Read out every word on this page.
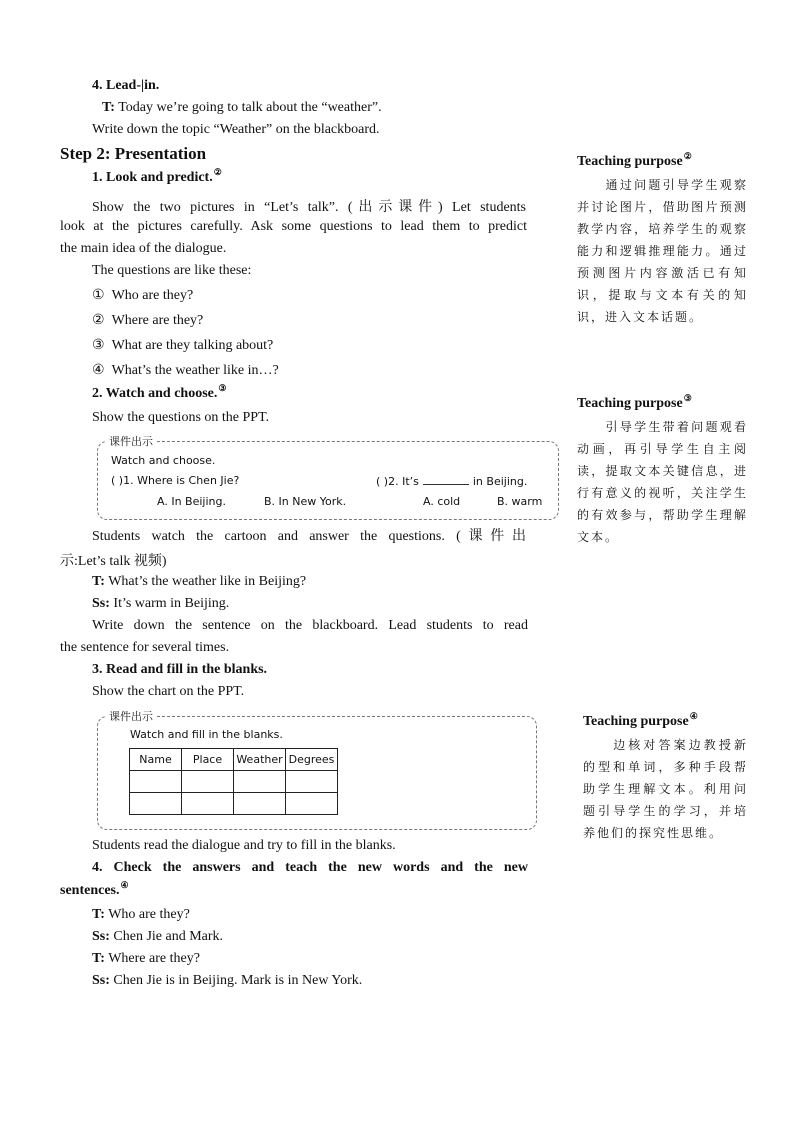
4. Lead-|in.
T: Today we’re going to talk about the “weather”.
Write down the topic “Weather” on the blackboard.
Step 2: Presentation
1. Look and predict.②
Show the two pictures in “Let’s talk”. (出示课件) Let students
look at the pictures carefully. Ask some questions to lead them to predict
the main idea of the dialogue.
The questions are like these:
① Who are they?
② Where are they?
③ What are they talking about?
④ What’s the weather like in…?
2. Watch and choose.③
Show the questions on the PPT.
课件出示
Watch and choose.
( )1. Where is Chen Jie?	( )2. It’s	in Beijing.
A. In Beijing.	B. In New York.	A. cold	B. warm
Students watch the cartoon and answer the questions. (课件出
示:Let’s talk 视频)
T: What’s the weather like in Beijing?
Ss: It’s warm in Beijing.
Write down the sentence on the blackboard. Lead students to read
the sentence for several times.
3. Read and fill in the blanks.
Show the chart on the PPT.
课件出示
Watch and fill in the blanks.
Name	Place	Weather	Degrees

Students read the dialogue and try to fill in the blanks.
4. Check the answers and teach the new words and the new
sentences.④
T: Who are they?
Ss: Chen Jie and Mark.
T: Where are they?
Ss: Chen Jie is in Beijing. Mark is in New York.
Teaching purpose②
　　通过问题引导学生观察并讨论图片，借助图片预测教学内容，培养学生的观察能力和逻辑推理能力。通过预测图片内容激活已有知识，提取与文本有关的知识，进入文本话题。
Teaching purpose③
　　引导学生带着问题观看动画，再引导学生自主阅读，提取文本关键信息，进行有意义的视听，关注学生的有效参与，帮助学生理解文本。
Teaching purpose④
　　边核对答案边教授新的型和单词，多种手段帮助学生理解文本。利用问题引导学生的学习，并培养他们的探究性思维。
